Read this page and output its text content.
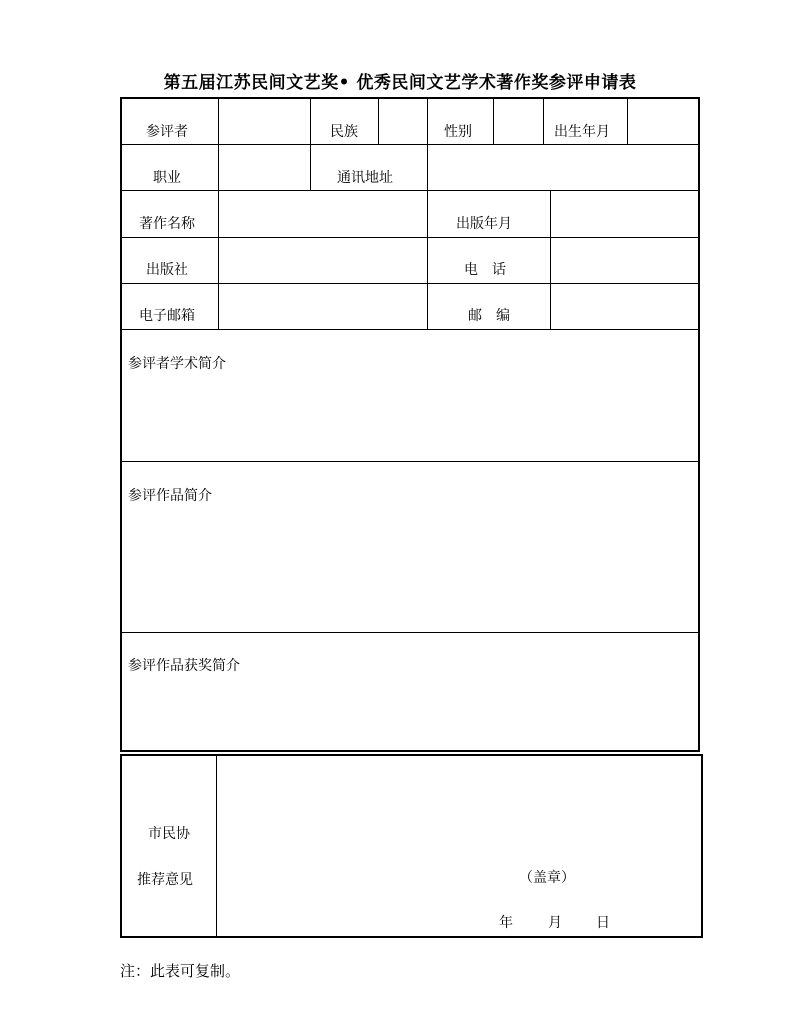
第五届江苏民间文艺奖• 优秀民间文艺学术著作奖参评申请表
参评者	民族	性别	出生年月
职业	通讯地址
著作名称	出版年月
出版社	电　话
电子邮箱	邮　编
参评者学术简介
参评作品简介
参评作品获奖简介
市民协
推荐意见	（盖章）
年	月 日
注：此表可复制。
